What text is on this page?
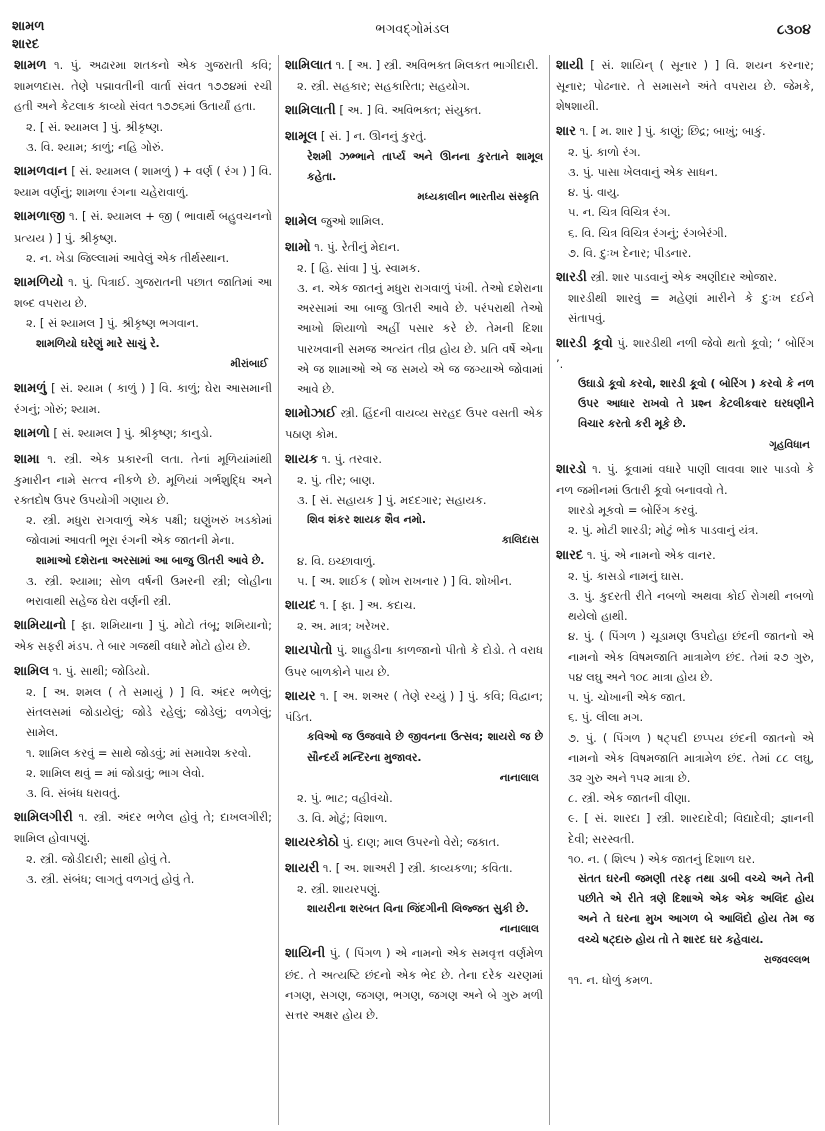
શામળ
શારદ
ભગવદ્ગોમંડલ	૮૩૦૪
શામળ ૧. પું. અઢારમા શતકનો એક ગુજરાતી કવિ; શામળદાસ. તેણે પદ્માવતીની વાર્તા સંવત ૧૭૭૪માં રચી હતી અને કેટલાક કાવ્યો સંવત ૧૭૭૬માં ઉતાર્યાં હતા.
૨. [ સં. શ્યામલ ] પું. શ્રીકૃષ્ણ.
૩. વિ. શ્યામ; કાળું; નહિ ગોરું.
શામળવાન [ સં. શ્યામલ ( શામળું ) + વર્ણ ( રંગ ) ] વિ. શ્યામ વર્ણનું; શામળા રંગના ચહેરાવાળું.
શામળાજી ૧. [ સં. શ્યામલ + જી ( ભાવાર્થે બહુવચનનો પ્રત્યય ) ] પું. શ્રીકૃષ્ણ.
૨. ન. ખેડા જિલ્લામાં આવેલું એક તીર્થસ્થાન.
શામળિયો ૧. પું. પિત્રાઈ. ગુજરાતની પછાત જાતિમાં આ શબ્દ વપરાય છે.
૨. [ સં શ્યામલ ] પું. શ્રીકૃષ્ણ ભગવાન.
શામળિયો ઘરેણું મારે સાચું રે.
મીરાંબાઈ
શામળું [ સં. શ્યામ ( કાળું ) ] વિ. કાળું; ઘેરા આસમાની રંગનું; ગોરું; શ્યામ.
શામળો [ સં. શ્યામલ ] પું. શ્રીકૃષ્ણ; કાનુડો.
શામા ૧. સ્ત્રી. એક પ્રકારની લતા. તેનાં મૂળિયાંમાંથી કુમારીન નામે સત્ત્વ નીકળે છે. મૂળિયાં ગર્ભશુદ્ધિ અને રક્તદોષ ઉપર ઉપયોગી ગણાય છે.
૨. સ્ત્રી. મધુરા રાગવાળું એક પક્ષી; ઘણુંખરું ખડકોમાં જોવામાં આવતી ભૂરા રંગની એક જાતની મેના.
શામાઓ દશેરાના અરસામાં આ બાજુ ઊતરી આવે છે.
૩. સ્ત્રી. શ્યામા; સોળ વર્ષની ઉમરની સ્ત્રી; લોહીના ભરાવાથી સહેજ ઘેરા વર્ણની સ્ત્રી.
શામિયાનો [ ફા. શમિયાના ] પું. મોટો તંબૂ; શમિયાનો; એક સફરી મંડપ. તે બાર ગજથી વધારે મોટો હોય છે.
શામિલ ૧. પું. સાથી; જોડિયો.
૨. [ અ. શમલ ( તે સમાયું ) ] વિ. અંદર ભળેલું; સંતલસમાં જોડાયેલું; જોડે રહેલું; જોડેલું; વળગેલું; સામેલ.
૧. શામિલ કરવું = સાથે જોડવું; માં સમાવેશ કરવો.
૨. શામિલ થવું = માં જોડાવું; ભાગ લેવો.
૩. વિ. સંબંધ ધરાવતું.
શામિલગીરી ૧. સ્ત્રી. અંદર ભળેલ હોવું તે; દાખલગીરી; શામિલ હોવાપણું.
૨. સ્ત્રી. જોડીદારી; સાથી હોવું તે.
૩. સ્ત્રી. સંબંધ; લાગતું વળગતું હોવું તે.
શામિલાત ૧. [ અ. ] સ્ત્રી. અવિભક્ત મિલકત ભાગીદારી.
૨. સ્ત્રી. સહકાર; સહકારિતા; સહયોગ.
શામિલાતી [ અ. ] વિ. અવિભક્ત; સંયુક્ત.
શામૂલ [ સં. ] ન. ઊનનું કુરતું.
રેશમી ઝભ્ભાને તાર્પ્ય અને ઊનના કુરતાને શામૂલ કહેતા.
મધ્યકાલીન ભારતીય સંસ્કૃતિ
શામેલ જુઓ શામિલ.
શામો ૧. પું. રેતીનું મેદાન.
૨. [ હિ. સાંવા ] પું. સ્વામક.
૩. ન. એક જાતનું મધુરા રાગવાળું પંખી. તેઓ દશેરાના અરસામાં આ બાજુ ઊતરી આવે છે. પરંપરાથી તેઓ આખો શિયાળો અહીં પસાર કરે છે. તેમની દિશા પારખવાની સમજ અત્યંત તીવ્ર હોય છે. પ્રતિ વર્ષે એના એ જ શામાઓ એ જ સમયે એ જ જગ્યાએ જોવામાં આવે છે.
શામોઝાઈ સ્ત્રી. હિંદની વાયવ્ય સરહદ ઉપર વસતી એક પઠાણ કોમ.
શાયક ૧. પું. તરવાર.
૨. પું. તીર; બાણ.
૩. [ સં. સહાયક ] પું. મદદગાર; સહાયક.
શિવ શંકર શાયક શૈવ નમો.
કાલિદાસ
૪. વિ. ઇચ્છાવાળું.
૫. [ અ. શાઈક ( શોખ રાખનાર ) ] વિ. શોખીન.
શાયદ ૧. [ ફા. ] અ. કદાચ.
૨. અ. માત્ર; ખરેખર.
શાયપોતો પું. શાહુડીના કાળજાનો પીતો કે દોડો. તે વરાધ ઉપર બાળકોને પાય છે.
શાયર ૧. [ અ. શઅર ( તેણે રચ્યું ) ] પું. કવિ; વિદ્વાન; પંડિત.
કવિઓ જ ઉજવાવે છે જીવનના ઉત્સવ; શાયરો જ છે સૌન્દર્ય મન્દિરના મુજાવર.
નાનાલાલ
૨. પું. ભાટ; વહીવંચો.
૩. વિ. મોટું; વિશાળ.
શાયરકોઠો પું. દાણ; માલ ઉપરનો વેરો; જકાત.
શાયરી ૧. [ અ. શાઅરી ] સ્ત્રી. કાવ્યકળા; કવિતા.
૨. સ્ત્રી. શાયરપણું.
શાયરીના શરબત વિના જિંદગીની લિજ્જત સુકી છે.
નાનાલાલ
શાયિની પું. ( પિંગળ ) એ નામનો એક સમવૃત્ત વર્ણમેળ છંદ. તે અત્યષ્ટિ છંદનો એક ભેદ છે. તેના દરેક ચરણમાં નગણ, સગણ, જગણ, ભગણ, જગણ અને બે ગુરુ મળી સત્તર અક્ષર હોય છે.
શાયી [ સં. શાયિન્ ( સૂનાર ) ] વિ. શયન કરનાર; સૂનાર; પોઢનાર. તે સમાસને અંતે વપરાય છે. જેમકે, શેષશાયી.
શાર ૧. [ મ. શાર ] પું. કાણું; છિદ્ર; બાખું; બાકું.
૨. પું. કાળો રંગ.
૩. પું. પાસા ખેલવાનું એક સાધન.
૪. પું. વાયુ.
૫. ન. ચિત્ર વિચિત્ર રંગ.
૬. વિ. ચિત્ર વિચિત્ર રંગનું; રંગબેરંગી.
૭. વિ. દુઃખ દેનાર; પીડનાર.
શારડી સ્ત્રી. શાર પાડવાનું એક અણીદાર ઓજાર.
શારડીથી શારવું = મહેણાં મારીને કે દુઃખ દઈને સંતાપવું.
શારડી કૂવો પું. શારડીથી નળી જેવો થતો કૂવો; ‘ બોરિંગ ’.
ઉઘાડો કૂવો કરવો, શારડી કૂવો ( બોરિંગ ) કરવો કે નળ ઉપર આધાર રાખવો તે પ્રશ્ન કેટલીકવાર ઘરધણીને વિચાર કરતો કરી મૂકે છે.
ગૃહવિધાન
શારડો ૧. પું. કૂવામાં વધારે પાણી લાવવા શાર પાડવો કે નળ જમીનમાં ઉતારી કૂવો બનાવવો તે.
શારડો મૂકવો = બોરિંગ કરવું.
૨. પું. મોટી શારડી; મોટું ભોક પાડવાનું યંત્ર.
શારદ ૧. પું. એ નામનો એક વાનર.
૨. પું. કાસડો નામનું ઘાસ.
૩. પું. કુદરતી રીતે નબળો અથવા કોઈ રોગથી નબળો થયેલો હાથી.
૪. પું. ( પિંગળ ) ચૂડામણ ઉપદોહા છંદની જાતનો એ નામનો એક વિષમજાતિ માત્રામેળ છંદ. તેમાં ૨૭ ગુરુ, ૫૪ લઘુ અને ૧૦૮ માત્રા હોય છે.
૫. પું. ચોખાની એક જાત.
૬. પું. લીલા મગ.
૭. પું. ( પિંગળ ) ષટ્પદી છપ્પય છંદની જાતનો એ નામનો એક વિષમજાતિ માત્રામેળ છંદ. તેમાં ૮૮ લઘુ, ૩૨ ગુરુ અને ૧૫૨ માત્રા છે.
૮. સ્ત્રી. એક જાતની વીણા.
૯. [ સં. શારદા ] સ્ત્રી. શારદાદેવી; વિદ્યાદેવી; જ્ઞાનની દેવી; સરસ્વતી.
૧૦. ન. ( શિલ્પ ) એક જાતનું દિશાળ ઘર.
સંતત ઘરની જમણી તરફ તથા ડાબી વચ્ચે અને તેની પછીતે એ રીતે ત્રણે દિશાએ એક એક અલિંદ હોય અને તે ઘરના મુખ આગળ બે આલિંદો હોય તેમ જ વચ્ચે ષટ્દારુ હોય તો તે શારદ ઘર કહેવાય.
રાજવલ્લભ
૧૧. ન. ધોળું કમળ.
